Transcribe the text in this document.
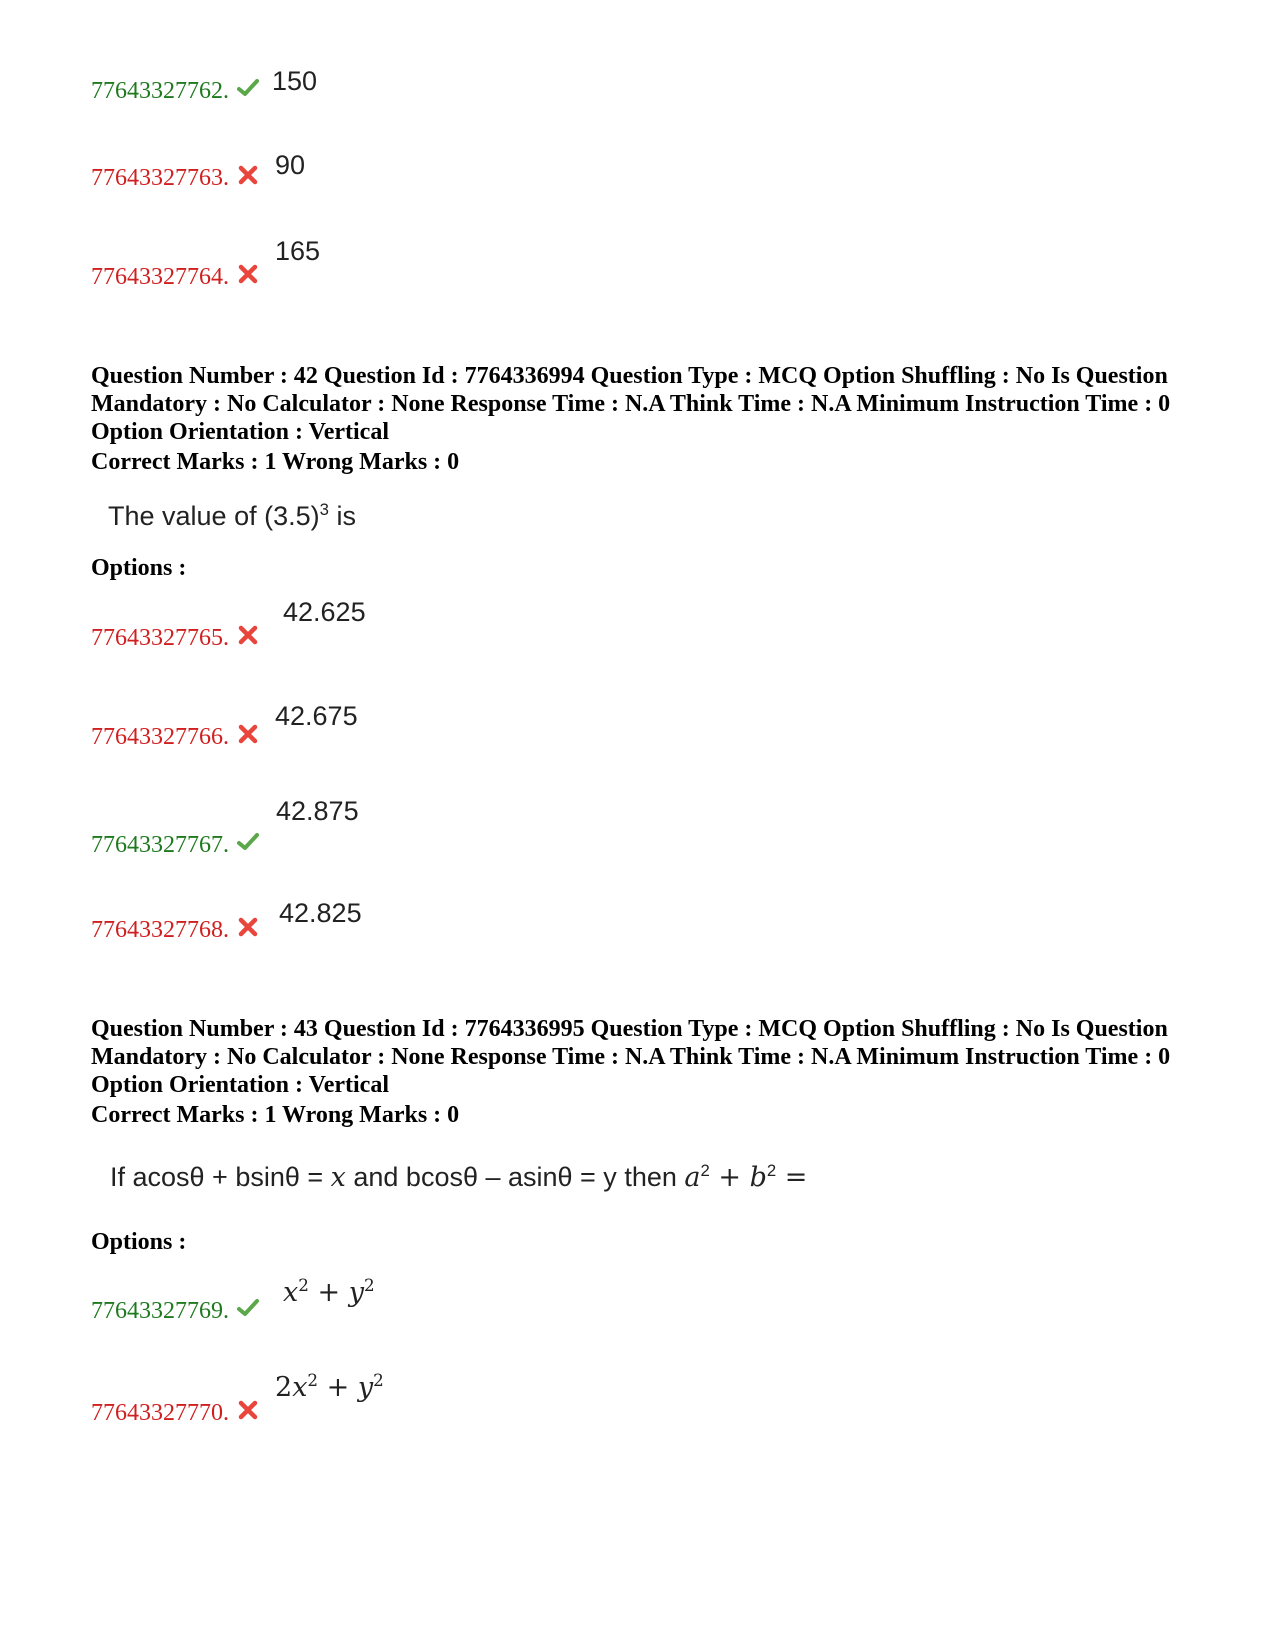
77643327762.	150
77643327763.	90
77643327764.
165
Question Number : 42 Question Id : 7764336994 Question Type : MCQ Option Shuffling : No Is Question Mandatory : No Calculator : None Response Time : N.A Think Time : N.A Minimum Instruction Time : 0 Option Orientation : Vertical
Correct Marks : 1 Wrong Marks : 0
The value of $(3.5)^3$ is
Options :
77643327765.
42.625
77643327766.
42.675
77643327767.
42.875
77643327768.
42.825
Question Number : 43 Question Id : 7764336995 Question Type : MCQ Option Shuffling : No Is Question Mandatory : No Calculator : None Response Time : N.A Think Time : N.A Minimum Instruction Time : 0 Option Orientation : Vertical
Correct Marks : 1 Wrong Marks : 0
If acosθ + bsinθ = x and bcosθ – asinθ = y then $a^2 + b^2$ =
Options :
77643327769.
$x^2 + y^2$
77643327770.
$2x^2 + y^2$
